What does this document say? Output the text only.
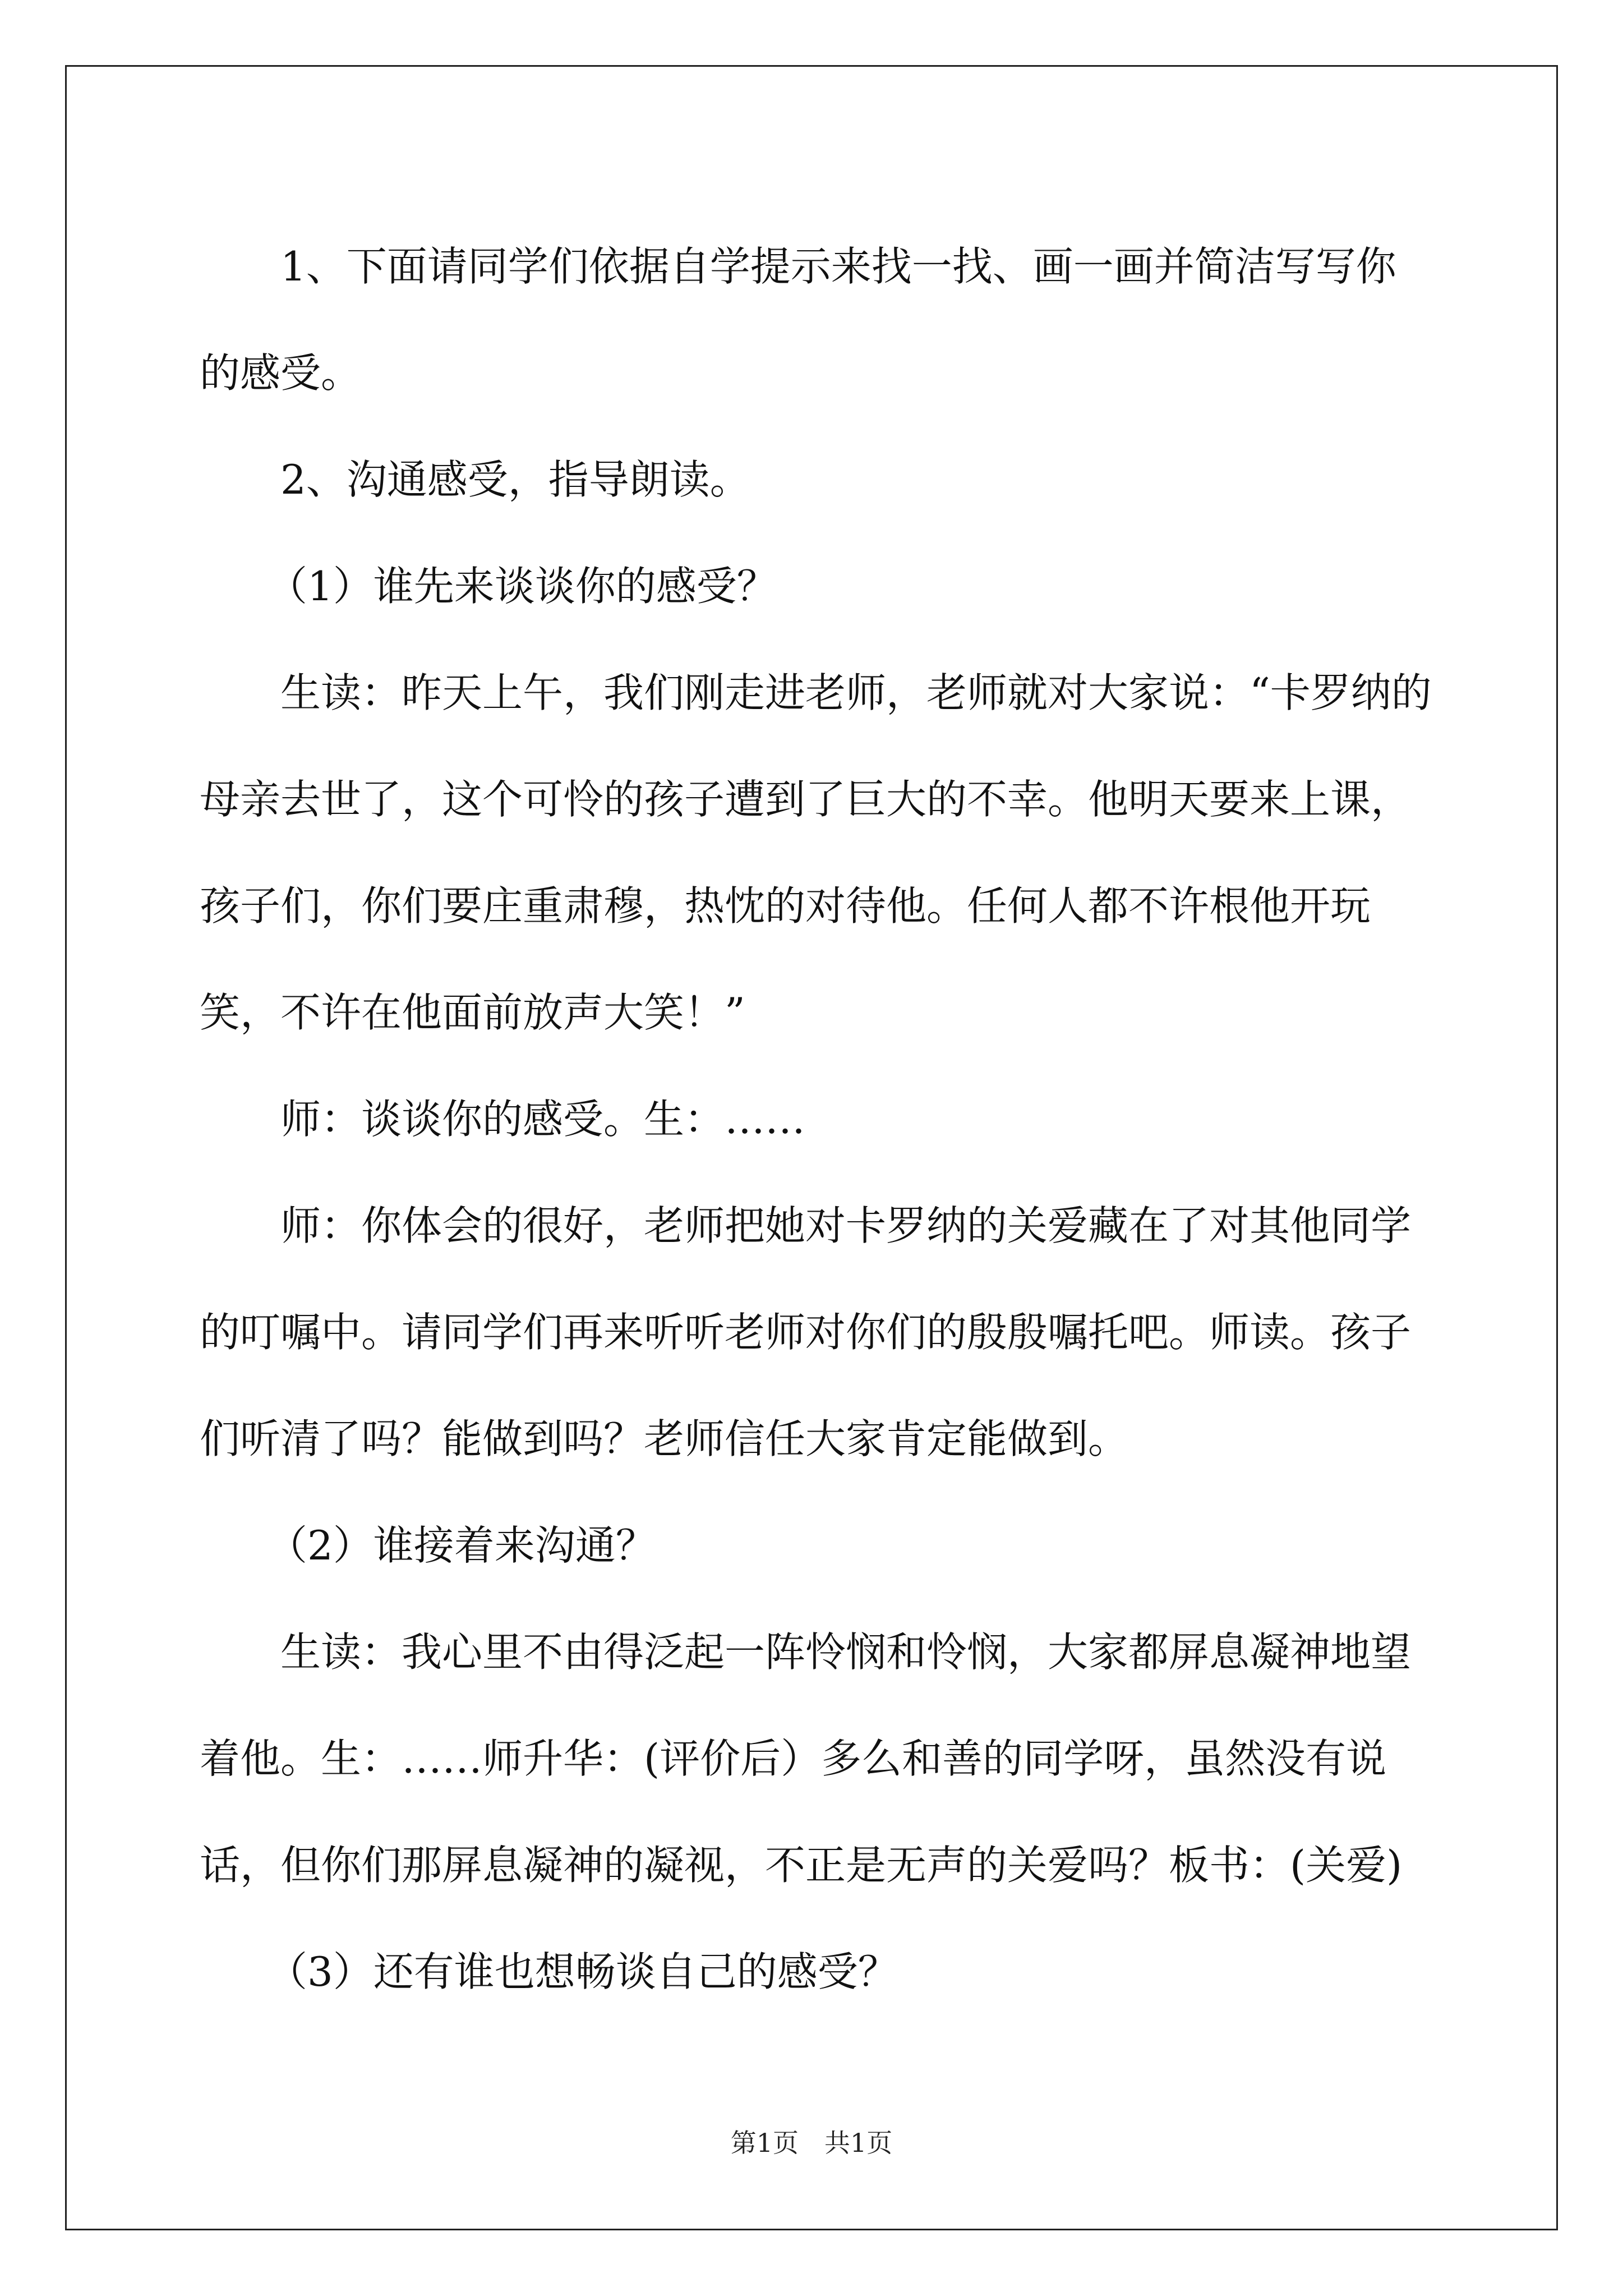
1、下面请同学们依据自学提示来找一找、画一画并简洁写写你的感受。

2、沟通感受，指导朗读。

（1）谁先来谈谈你的感受？

生读：昨天上午，我们刚走进老师，老师就对大家说：“卡罗纳的母亲去世了，这个可怜的孩子遭到了巨大的不幸。他明天要来上课，孩子们，你们要庄重肃穆，热忱的对待他。任何人都不许根他开玩笑，不许在他面前放声大笑！”

师：谈谈你的感受。生：……

师：你体会的很好，老师把她对卡罗纳的关爱藏在了对其他同学的叮嘱中。请同学们再来听听老师对你们的殷殷嘱托吧。师读。孩子们听清了吗？能做到吗？老师信任大家肯定能做到。

（2）谁接着来沟通？

生读：我心里不由得泛起一阵怜悯和怜悯，大家都屏息凝神地望着他。生：……师升华：(评价后）多么和善的同学呀，虽然没有说话，但你们那屏息凝神的凝视，不正是无声的关爱吗？板书：(关爱)

（3）还有谁也想畅谈自己的感受？

第1页　共1页
